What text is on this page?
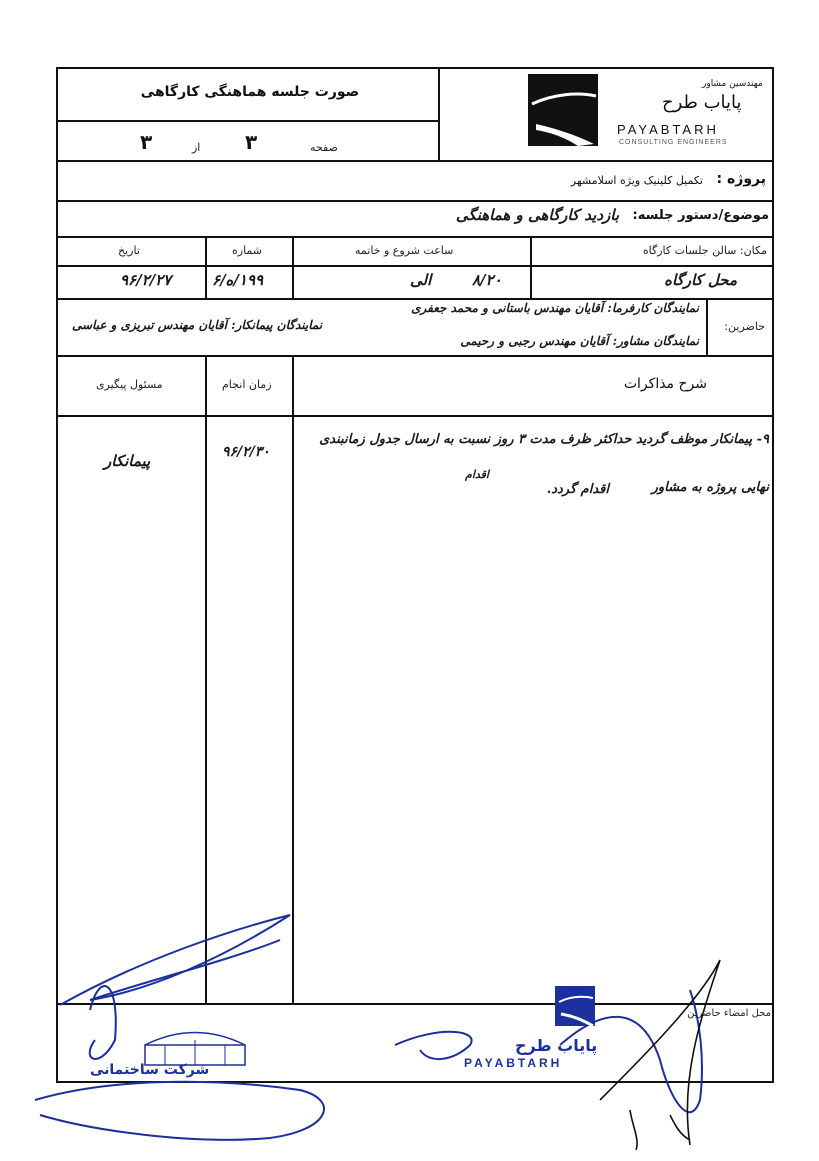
صورت جلسه هماهنگی کارگاهی
صفحه
۳
از
۳
مهندسین مشاور
پایاب طرح
PAYABTARH
CONSULTING ENGINEERS
پروژه :
تکمیل کلینیک ویژه اسلامشهر
موضوع/دستور جلسه:
بازدید کارگاهی و هماهنگی
مکان: سالن جلسات کارگاه
ساعت شروع و خاتمه
شماره
تاریخ
محل کارگاه
۸/۲۰
الی
۱۹۹/ه/۶
۹۶/۲/۲۷
حاضرین:
نمایندگان کارفرما: آقایان مهندس باستانی و محمد جعفری
نمایندگان مشاور: آقایان مهندس رجبی و رحیمی
نمایندگان پیمانکار: آقایان مهندس تبریزی و عباسی
شرح مذاکرات
زمان انجام
مسئول پیگیری
۹- پیمانکار موظف گردید حداکثر ظرف مدت ۳ روز نسبت به ارسال جدول زمانبندی
اقدام
نهایی پروژه به مشاور
اقدام گردد.
۹۶/۲/۳۰
پیمانکار
محل امضاء حاضرین
شرکت ساختمانی
پایاب طرح
PAYABTARH
